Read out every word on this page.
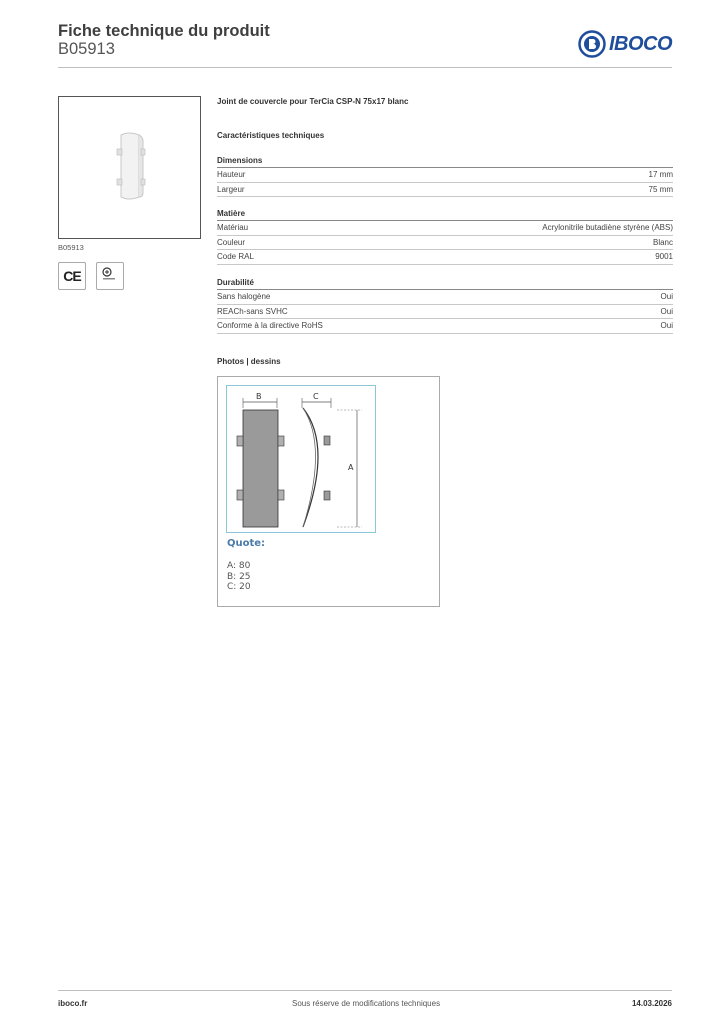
Fiche technique du produit
B05913	IBOCO
B05913
CE
Joint de couvercle pour TerCia CSP-N 75x17 blanc
Caractéristiques techniques
Dimensions
Hauteur	17 mm
Largeur	75 mm
Matière
Matériau	Acrylonitrile butadiène styrène (ABS)
Couleur	Blanc
Code RAL	9001
Durabilité
Sans halogène	Oui
REACh-sans SVHC	Oui
Conforme à la directive RoHS	Oui
Photos | dessins
B	C
A
Quote:
A: 80
B: 25
C: 20
iboco.fr	Sous réserve de modifications techniques	14.03.2026
